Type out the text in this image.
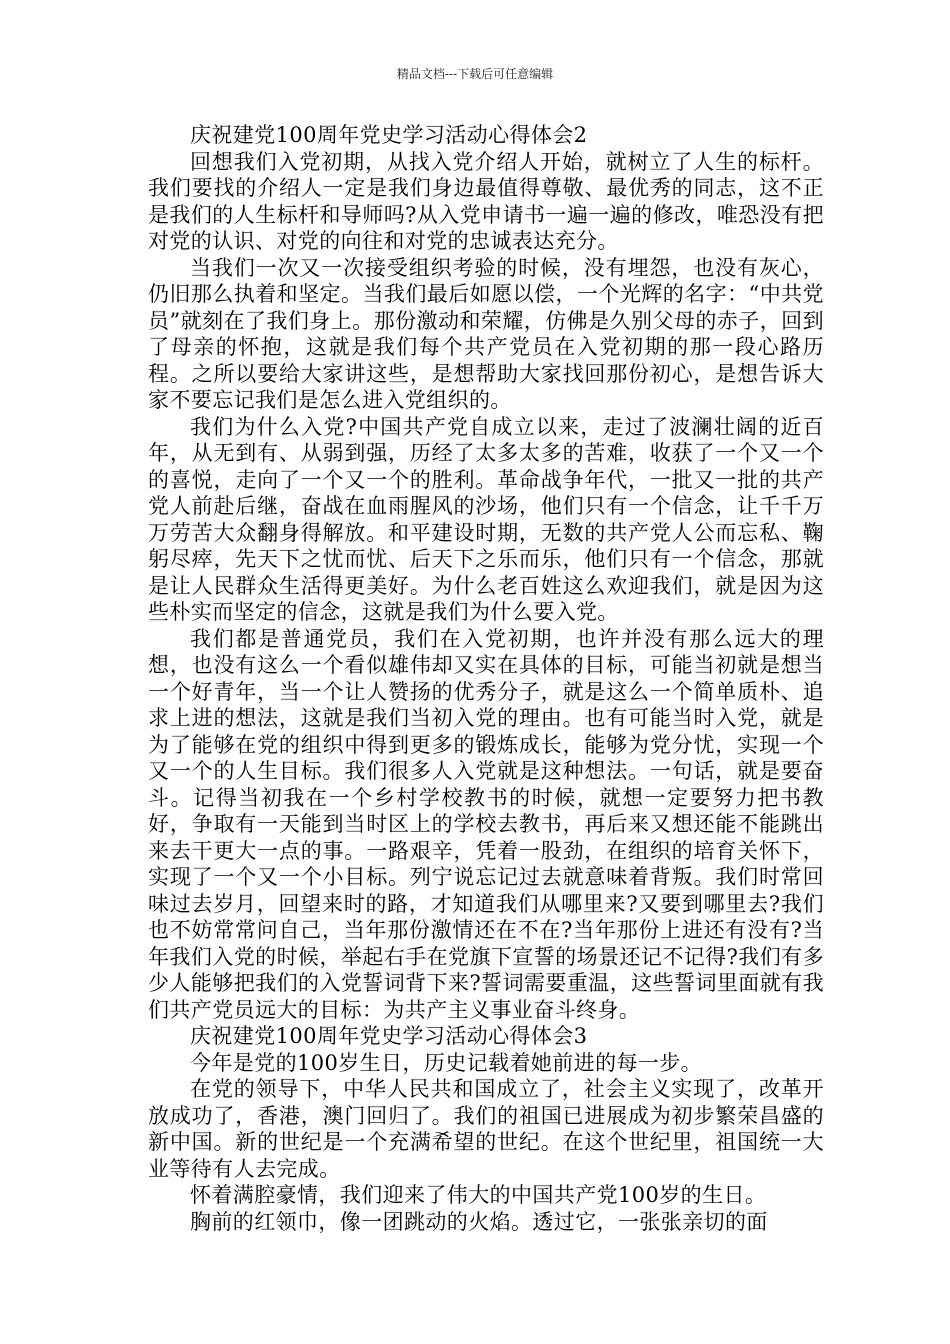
精品文档---下载后可任意编辑

庆祝建党100周年党史学习活动心得体会2

回想我们入党初期，从找入党介绍人开始，就树立了人生的标杆。我们要找的介绍人一定是我们身边最值得尊敬、最优秀的同志，这不正是我们的人生标杆和导师吗?从入党申请书一遍一遍的修改，唯恐没有把对党的认识、对党的向往和对党的忠诚表达充分。

当我们一次又一次接受组织考验的时候，没有埋怨，也没有灰心，仍旧那么执着和坚定。当我们最后如愿以偿，一个光辉的名字：“中共党员”就刻在了我们身上。那份激动和荣耀，仿佛是久别父母的赤子，回到了母亲的怀抱，这就是我们每个共产党员在入党初期的那一段心路历程。之所以要给大家讲这些，是想帮助大家找回那份初心，是想告诉大家不要忘记我们是怎么进入党组织的。

我们为什么入党?中国共产党自成立以来，走过了波澜壮阔的近百年，从无到有、从弱到强，历经了太多太多的苦难，收获了一个又一个的喜悦，走向了一个又一个的胜利。革命战争年代，一批又一批的共产党人前赴后继，奋战在血雨腥风的沙场，他们只有一个信念，让千千万万劳苦大众翻身得解放。和平建设时期，无数的共产党人公而忘私、鞠躬尽瘁，先天下之忧而忧、后天下之乐而乐，他们只有一个信念，那就是让人民群众生活得更美好。为什么老百姓这么欢迎我们，就是因为这些朴实而坚定的信念，这就是我们为什么要入党。

我们都是普通党员，我们在入党初期，也许并没有那么远大的理想，也没有这么一个看似雄伟却又实在具体的目标，可能当初就是想当一个好青年，当一个让人赞扬的优秀分子，就是这么一个简单质朴、追求上进的想法，这就是我们当初入党的理由。也有可能当时入党，就是为了能够在党的组织中得到更多的锻炼成长，能够为党分忧，实现一个又一个的人生目标。我们很多人入党就是这种想法。一句话，就是要奋斗。记得当初我在一个乡村学校教书的时候，就想一定要努力把书教好，争取有一天能到当时区上的学校去教书，再后来又想还能不能跳出来去干更大一点的事。一路艰辛，凭着一股劲，在组织的培育关怀下，实现了一个又一个小目标。列宁说忘记过去就意味着背叛。我们时常回味过去岁月，回望来时的路，才知道我们从哪里来?又要到哪里去?我们也不妨常常问自己，当年那份激情还在不在?当年那份上进还有没有?当年我们入党的时候，举起右手在党旗下宣誓的场景还记不记得?我们有多少人能够把我们的入党誓词背下来?誓词需要重温，这些誓词里面就有我们共产党员远大的目标：为共产主义事业奋斗终身。

庆祝建党100周年党史学习活动心得体会3

今年是党的100岁生日，历史记载着她前进的每一步。

在党的领导下，中华人民共和国成立了，社会主义实现了，改革开放成功了，香港，澳门回归了。我们的祖国已进展成为初步繁荣昌盛的新中国。新的世纪是一个充满希望的世纪。在这个世纪里，祖国统一大业等待有人去完成。

怀着满腔豪情，我们迎来了伟大的中国共产党100岁的生日。

胸前的红领巾，像一团跳动的火焰。透过它，一张张亲切的面
